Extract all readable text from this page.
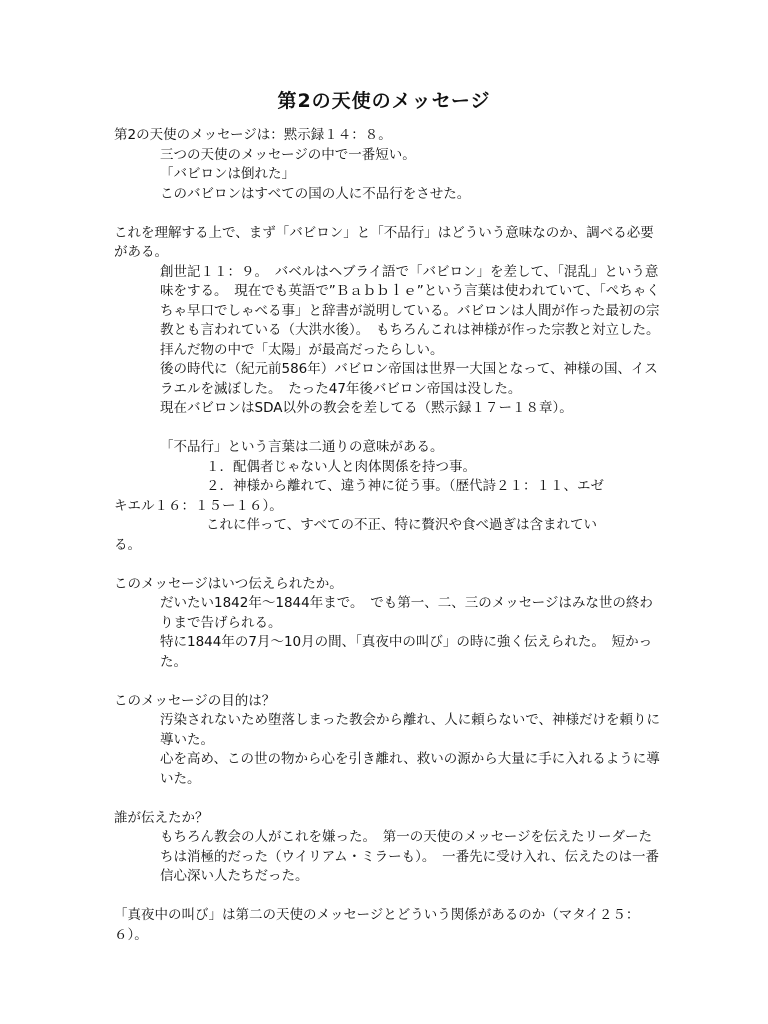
第2の天使のメッセージ
第2の天使のメッセージは：黙示録１４：８。
三つの天使のメッセージの中で一番短い。
「バビロンは倒れた」
このバビロンはすべての国の人に不品行をさせた。
これを理解する上で、まず「バビロン」と「不品行」はどういう意味なのか、調べる必要がある。
創世記１１：９。　バベルはヘブライ語で「バビロン」を差して、「混乱」という意味をする。　現在でも英語で”Ｂａｂｂｌｅ”という言葉は使われていて、「ぺちゃくちゃ早口でしゃべる事」と辞書が説明している。バビロンは人間が作った最初の宗教とも言われている（大洪水後）。　もちろんこれは神様が作った宗教と対立した。　拝んだ物の中で「太陽」が最高だったらしい。
後の時代に（紀元前586年）バビロン帝国は世界一大国となって、神様の国、イスラエルを滅ぼした。　たった47年後バビロン帝国は没した。
現在バビロンはSDA以外の教会を差してる（黙示録１７ー１８章）。
「不品行」という言葉は二通りの意味がある。
１．配偶者じゃない人と肉体関係を持つ事。
２．神様から離れて、違う神に従う事。（歴代詩２１：１１、エゼ
キエル１６：１５ー１６）。
これに伴って、すべての不正、特に贅沢や食べ過ぎは含まれてい
る。
このメッセージはいつ伝えられたか。
だいたい1842年～1844年まで。　でも第一、二、三のメッセージはみな世の終わりまで告げられる。
特に1844年の7月～10月の間、「真夜中の叫び」の時に強く伝えられた。　短かった。
このメッセージの目的は？
汚染されないため堕落しまった教会から離れ、人に頼らないで、神様だけを頼りに導いた。
心を高め、この世の物から心を引き離れ、救いの源から大量に手に入れるように導いた。
誰が伝えたか？
もちろん教会の人がこれを嫌った。　第一の天使のメッセージを伝えたリーダーたちは消極的だった（ウイリアム・ミラーも）。　一番先に受け入れ、伝えたのは一番信心深い人たちだった。
「真夜中の叫び」は第二の天使のメッセージとどういう関係があるのか（マタイ２５：６）。
